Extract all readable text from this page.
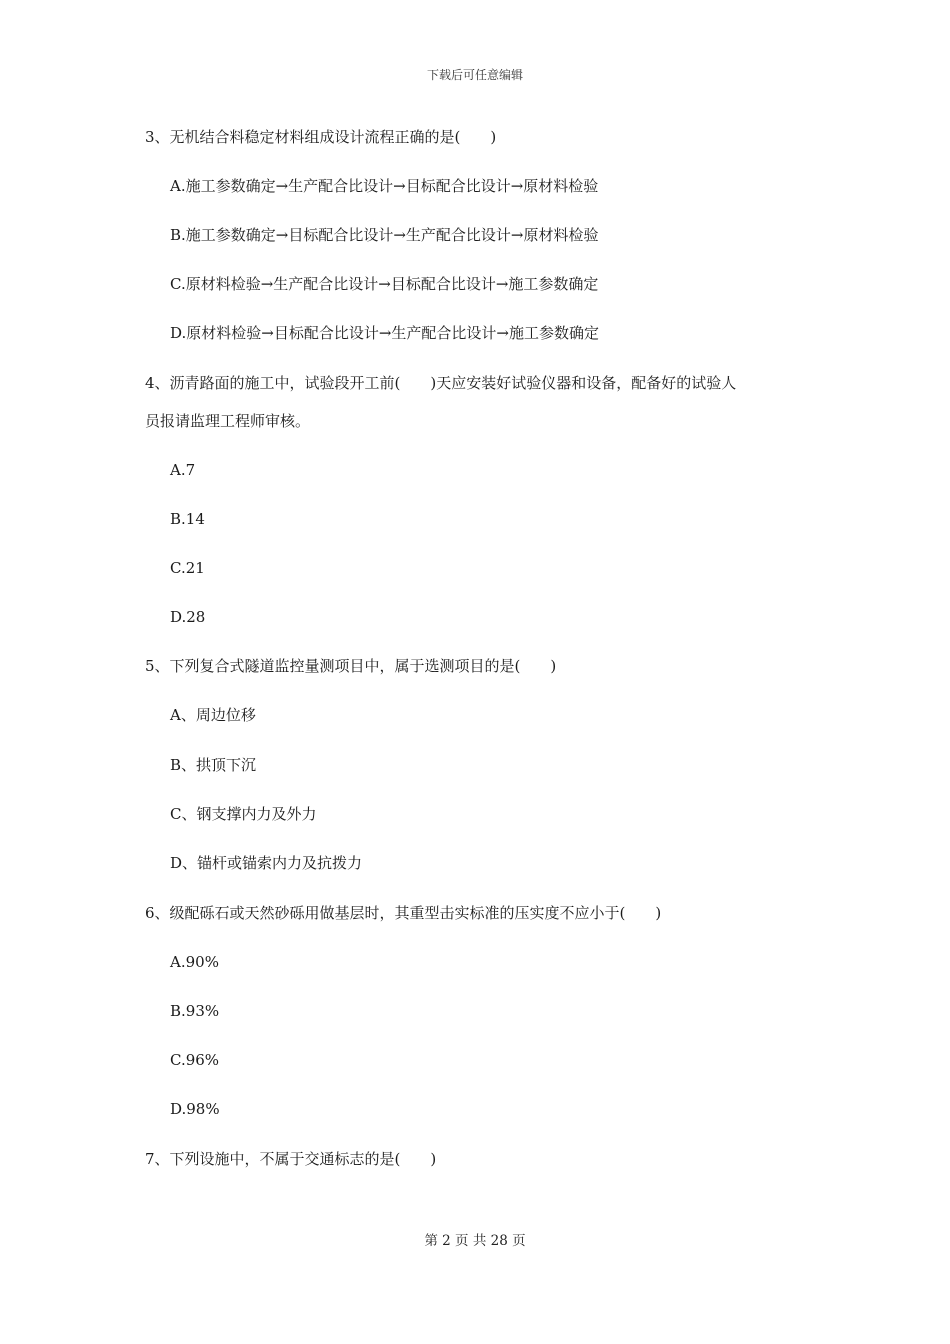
下载后可任意编辑
3、无机结合料稳定材料组成设计流程正确的是(　　)
A.施工参数确定→生产配合比设计→目标配合比设计→原材料检验
B.施工参数确定→目标配合比设计→生产配合比设计→原材料检验
C.原材料检验→生产配合比设计→目标配合比设计→施工参数确定
D.原材料检验→目标配合比设计→生产配合比设计→施工参数确定
4、沥青路面的施工中，试验段开工前(　　)天应安装好试验仪器和设备，配备好的试验人
员报请监理工程师审核。
A.7
B.14
C.21
D.28
5、下列复合式隧道监控量测项目中，属于选测项目的是(　　)
A、周边位移
B、拱顶下沉
C、钢支撑内力及外力
D、锚杆或锚索内力及抗拨力
6、级配砾石或天然砂砾用做基层时，其重型击实标准的压实度不应小于(　　)
A.90%
B.93%
C.96%
D.98%
7、下列设施中，不属于交通标志的是(　　)
第 2 页 共 28 页
